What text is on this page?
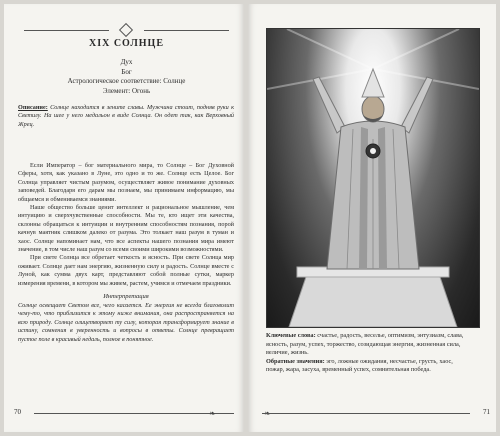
XIX СОЛНЦЕ
Дух
Бог
Астрологическое соответствие: Солнце
Элемент: Огонь
Описание: Солнце находится в зените славы. Мужчина стоит, подняв руки к Светилу. На шее у него медальон в виде Солнца. Он одет так, как Верховный Жрец.

Если Император – бог материального мира, то Солнце – Бог Духовной Сферы, хотя, как указано в Луне, это одно и то же. Солнце есть Целое. Бог Солнца управляет чистым разумом, осуществляет живое понимание духовных заповедей. Благодаря его дарам мы познаем, мы принимаем информацию, мы общаемся и обмениваемся знаниями.

Наше общество больше ценит интеллект и рациональное мышление, чем интуицию и сверхчувственные способности. Мы те, кто ищет эти качества, склонны обращаться к интуиции и внутренним способностям познания, порой качнув маятник слишком далеко от разума. Это толкает наш разум в туман и хаос. Солнце напоминает нам, что все аспекты нашего познания мира имеют значение, в том числе наш разум со всеми своими широкими возможностями.

При свете Солнца все обретает четкость и ясность. При свете Солнца мир оживает. Солнце дает нам энергию, жизненную силу и радость. Солнце вместе с Луной, как сумма двух карт, представляют собой полные сутки, маркер измерения времени, в котором мы живем, растем, учимся и отмечаем праздники.

Интерпретация
Солнце освещает Светом все, чего касается. Ее энергия не всегда благоволит чему-то, что приблизится к этому ниже внимания, она распространяется на всю природу. Солнце олицетворяет ту силу, которая трансформирует знание в истину, сомнения в уверенность и вопросы в ответы. Солнце превращает пустое поле в красивый недаль, полное в понятное.
70	❧
Ключевые слова: счастье, радость, веселье, оптимизм, энтузиазм, слава, ясность, разум, успех, торжество, созидающая энергия, жизненная сила, величие, жизнь.
Обратные значения: эго, ложные ожидания, несчастье, грусть, хаос, пожар, жара, засуха, временный успех, сомнительная победа.
71
